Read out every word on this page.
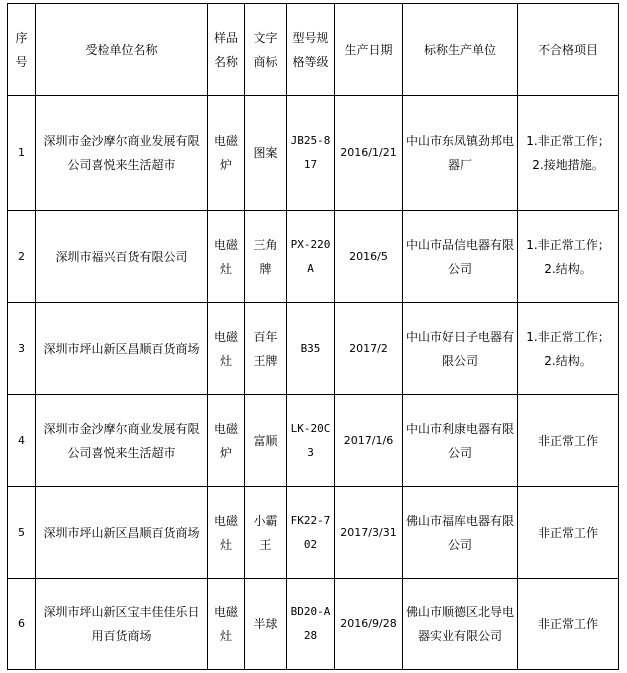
序号	受检单位名称	样品名称	文字商标	型号规格等级	生产日期	标称生产单位	不合格项目
1	深圳市金沙摩尔商业发展有限公司喜悦来生活超市	电磁炉	图案	JB25-817	2016/1/21	中山市东凤镇劲邦电器厂	1.非正常工作；2.接地措施。
2	深圳市福兴百货有限公司	电磁灶	三角牌	PX-220A	2016/5	中山市品信电器有限公司	1.非正常工作；2.结构。
3	深圳市坪山新区昌顺百货商场	电磁灶	百年王牌	B35	2017/2	中山市好日子电器有限公司	1.非正常工作；2.结构。
4	深圳市金沙摩尔商业发展有限公司喜悦来生活超市	电磁炉	富顺	LK-20C3	2017/1/6	中山市利康电器有限公司	非正常工作
5	深圳市坪山新区昌顺百货商场	电磁灶	小霸王	FK22-702	2017/3/31	佛山市福库电器有限公司	非正常工作
6	深圳市坪山新区宝丰佳佳乐日用百货商场	电磁灶	半球	BD20-A28	2016/9/28	佛山市顺德区北导电器实业有限公司	非正常工作
